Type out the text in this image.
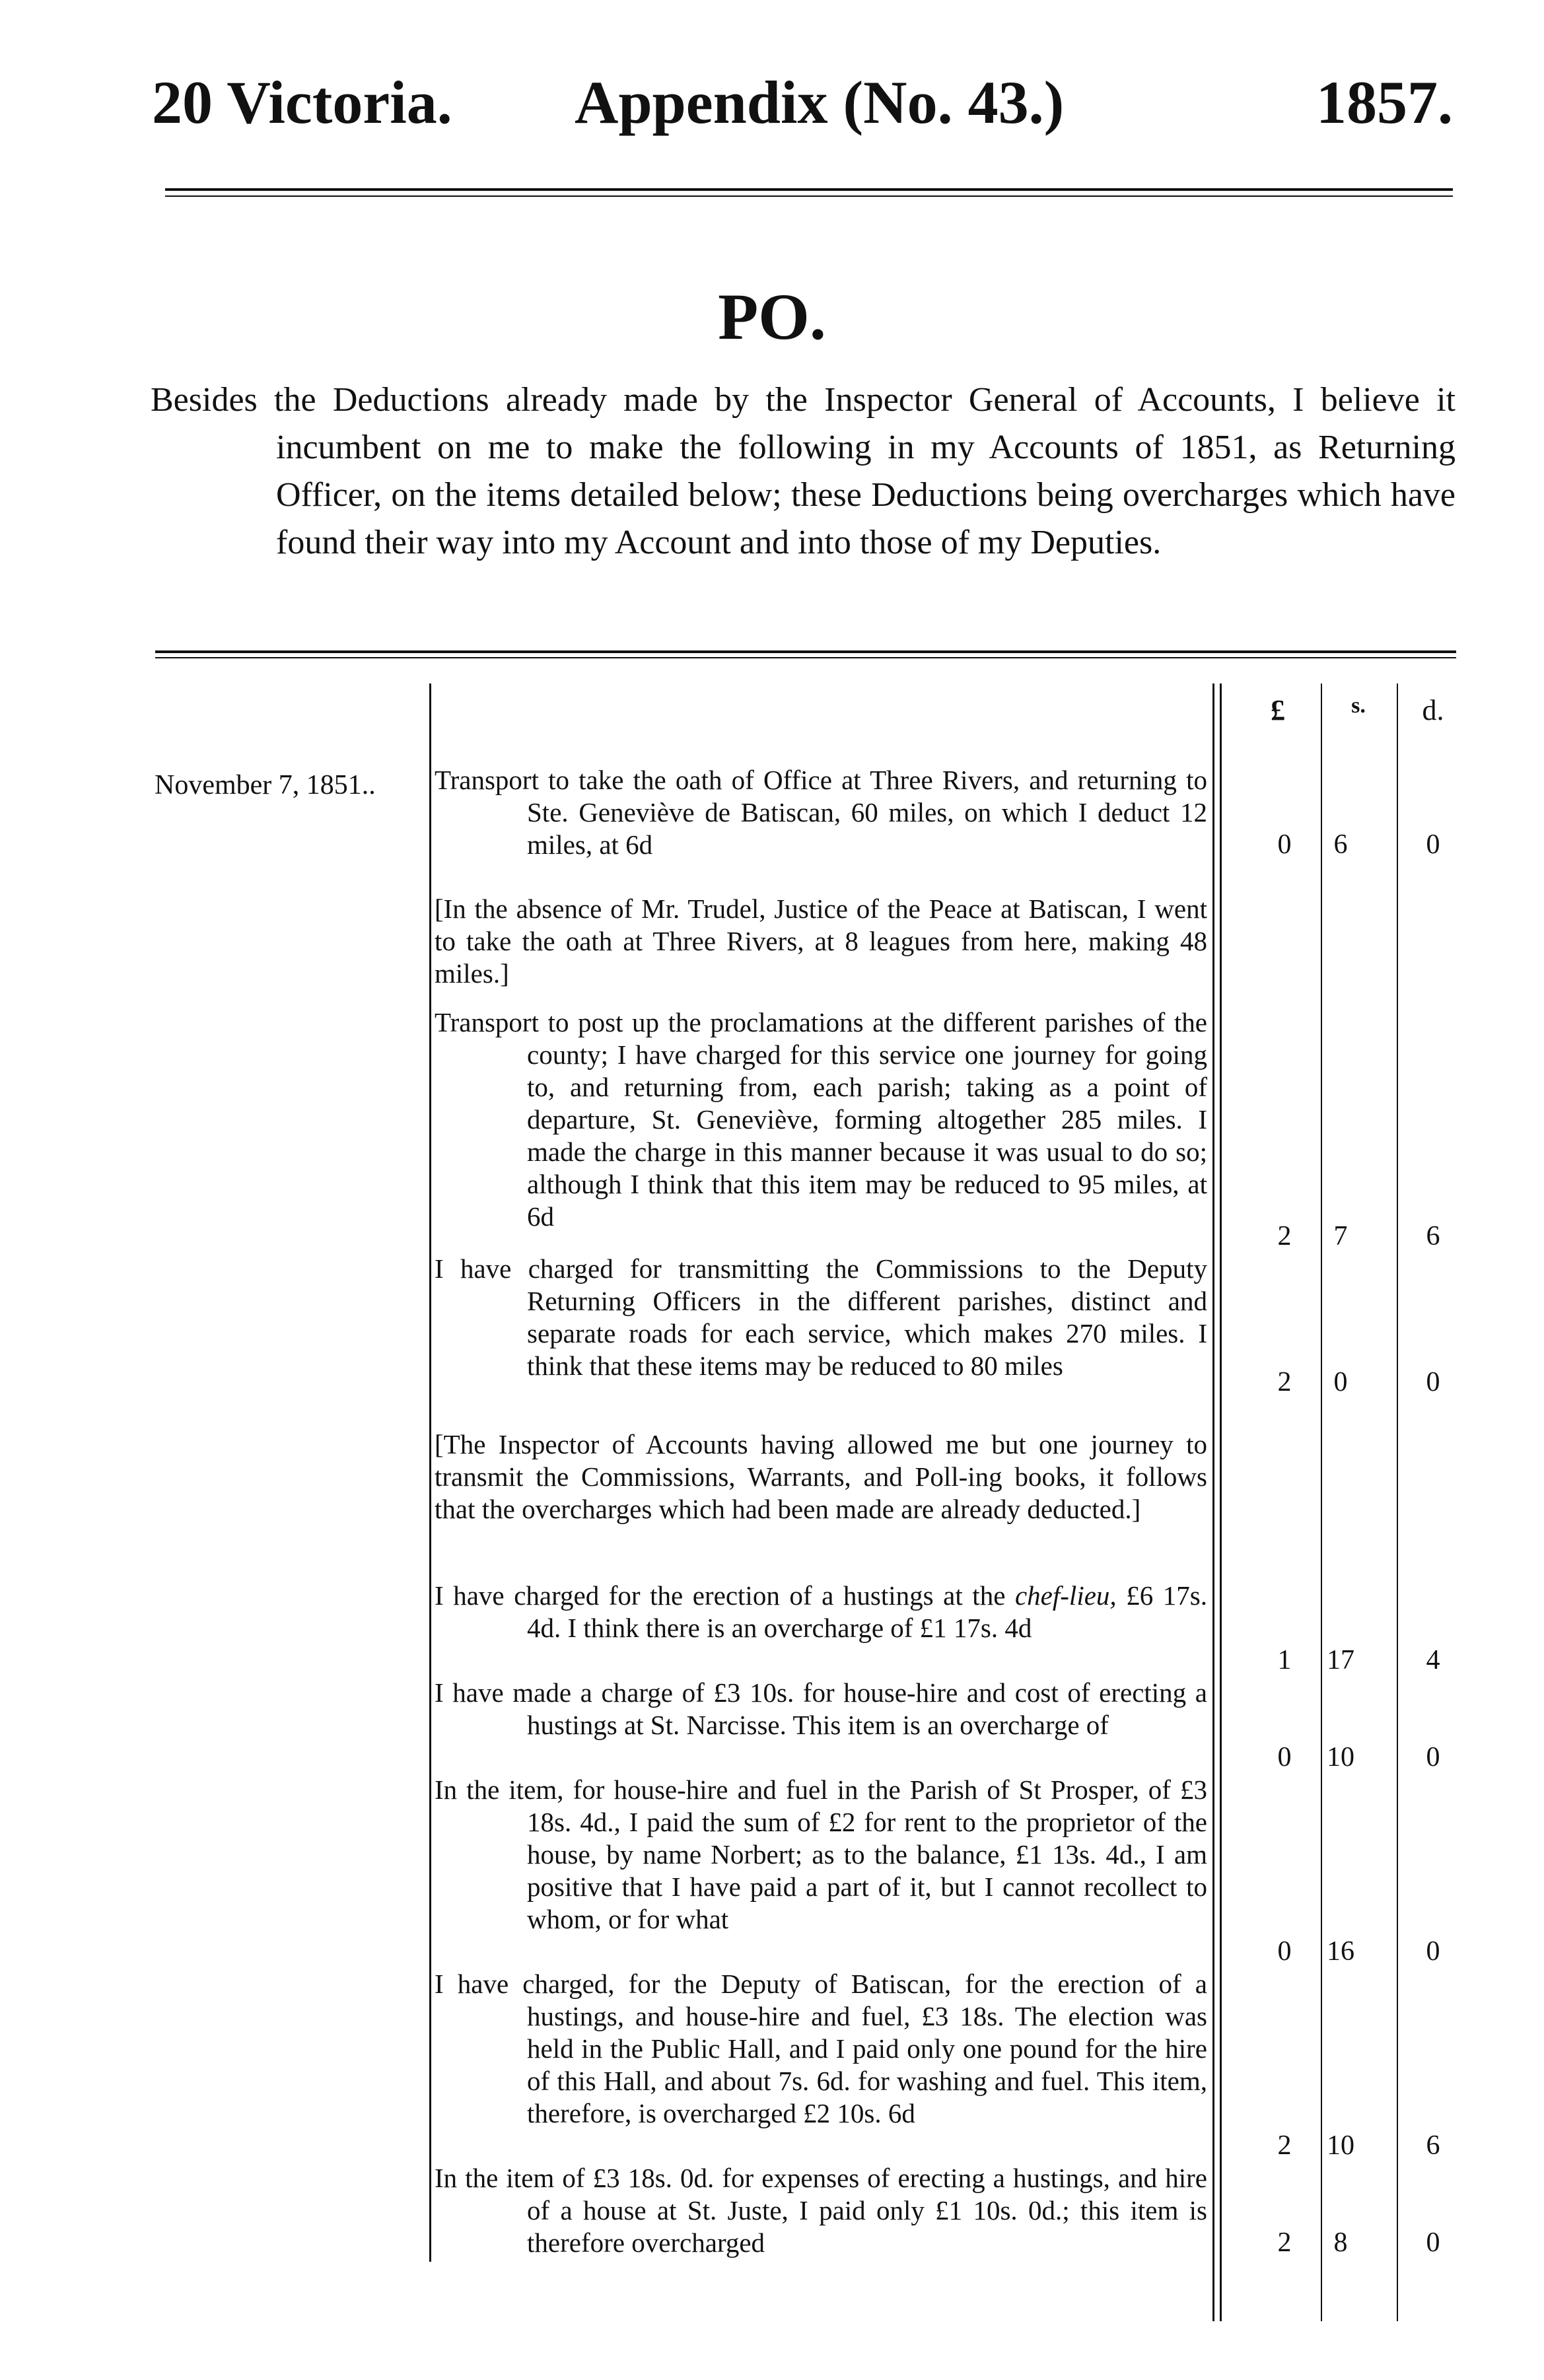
20 Victoria. Appendix (No. 43.)	1857.
PO.

Besides the Deductions already made by the Inspector General of Accounts, I believe it incumbent on me to make the following in my Accounts of 1851, as Returning Officer, on the items detailed below; these Deductions being overcharges which have found their way into my Account and into those of my Deputies.

£	s.	d.
November 7, 1851.. Transport to take the oath of Office at Three Rivers, and returning to Ste. Geneviève de Batiscan, 60 miles, on which I deduct 12 miles, at 6d	0	6	0

[In the absence of Mr. Trudel, Justice of the Peace at Batiscan, I went to take the oath at Three Rivers, at 8 leagues from here, making 48 miles.]

Transport to post up the proclamations at the different parishes of the county; I have charged for this service one journey for going to, and returning from, each parish; taking as a point of departure, St. Geneviève, forming altogether 285 miles. I made the charge in this manner because it was usual to do so; although I think that this item may be reduced to 95 miles, at 6d

2	7	6

I have charged for transmitting the Commissions to the Deputy Returning Officers in the different parishes, distinct and separate roads for each service, which makes 270 miles. I think that these items may be reduced to 80 miles

2	0	0

[The Inspector of Accounts having allowed me but one journey to transmit the Commissions, Warrants, and Poll-ing books, it follows that the overcharges which had been made are already deducted.]

I have charged for the erection of a hustings at the chef-lieu, £6 17s. 4d. I think there is an overcharge of £1 17s. 4d

1	17	4

I have made a charge of £3 10s. for house-hire and cost of erecting a hustings at St. Narcisse. This item is an overcharge of

0	10	0

In the item, for house-hire and fuel in the Parish of St Prosper, of £3 18s. 4d., I paid the sum of £2 for rent to the proprietor of the house, by name Norbert; as to the balance, £1 13s. 4d., I am positive that I have paid a part of it, but I cannot recollect to whom, or for what

0	16	0

I have charged, for the Deputy of Batiscan, for the erection of a hustings, and house-hire and fuel, £3 18s. The election was held in the Public Hall, and I paid only one pound for the hire of this Hall, and about 7s. 6d. for washing and fuel. This item, therefore, is overcharged £2 10s. 6d

2	10	6

In the item of £3 18s. 0d. for expenses of erecting a hustings, and hire of a house at St. Juste, I paid only £1 10s. 0d.; this item is therefore overcharged	2	8	0
